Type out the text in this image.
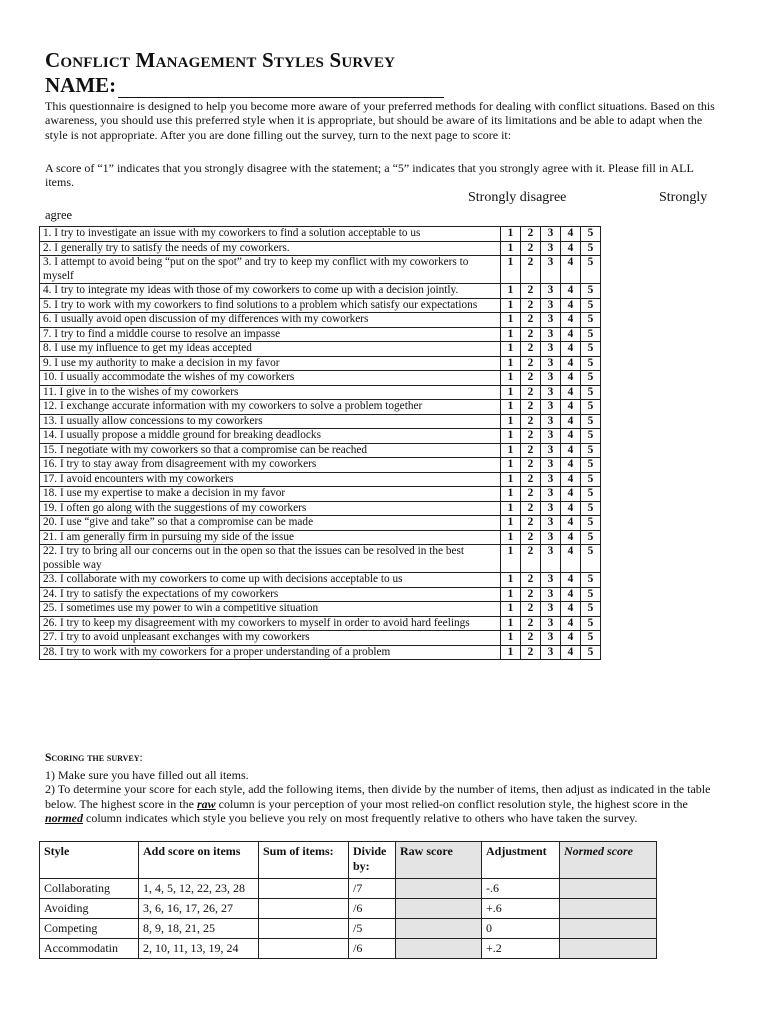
Conflict Management Styles Survey
NAME:
This questionnaire is designed to help you become more aware of your preferred methods for dealing with conflict situations. Based on this awareness, you should use this preferred style when it is appropriate, but should be aware of its limitations and be able to adapt when the style is not appropriate. After you are done filling out the survey, turn to the next page to score it:
A score of “1” indicates that you strongly disagree with the statement; a “5” indicates that you strongly agree with it. Please fill in ALL items.
Strongly disagree	Strongly
agree
1. I try to investigate an issue with my coworkers to find a solution acceptable to us	1	2	3	4	5
2. I generally try to satisfy the needs of my coworkers.	1	2	3	4	5
3. I attempt to avoid being “put on the spot” and try to keep my conflict with my coworkers to myself	1	2	3	4	5
4. I try to integrate my ideas with those of my coworkers to come up with a decision jointly.	1	2	3	4	5
5. I try to work with my coworkers to find solutions to a problem which satisfy our expectations	1	2	3	4	5
6. I usually avoid open discussion of my differences with my coworkers	1	2	3	4	5
7. I try to find a middle course to resolve an impasse	1	2	3	4	5
8. I use my influence to get my ideas accepted	1	2	3	4	5
9. I use my authority to make a decision in my favor	1	2	3	4	5
10. I usually accommodate the wishes of my coworkers	1	2	3	4	5
11. I give in to the wishes of my coworkers	1	2	3	4	5
12. I exchange accurate information with my coworkers to solve a problem together	1	2	3	4	5
13. I usually allow concessions to my coworkers	1	2	3	4	5
14. I usually propose a middle ground for breaking deadlocks	1	2	3	4	5
15. I negotiate with my coworkers so that a compromise can be reached	1	2	3	4	5
16. I try to stay away from disagreement with my coworkers	1	2	3	4	5
17. I avoid encounters with my coworkers	1	2	3	4	5
18. I use my expertise to make a decision in my favor	1	2	3	4	5
19. I often go along with the suggestions of my coworkers	1	2	3	4	5
20. I use “give and take” so that a compromise can be made	1	2	3	4	5
21. I am generally firm in pursuing my side of the issue	1	2	3	4	5
22. I try to bring all our concerns out in the open so that the issues can be resolved in the best possible way	1	2	3	4	5
23. I collaborate with my coworkers to come up with decisions acceptable to us	1	2	3	4	5
24. I try to satisfy the expectations of my coworkers	1	2	3	4	5
25. I sometimes use my power to win a competitive situation	1	2	3	4	5
26. I try to keep my disagreement with my coworkers to myself in order to avoid hard feelings	1	2	3	4	5
27. I try to avoid unpleasant exchanges with my coworkers	1	2	3	4	5
28. I try to work with my coworkers for a proper understanding of a problem	1	2	3	4	5
Scoring the survey:
1) Make sure you have filled out all items.
2) To determine your score for each style, add the following items, then divide by the number of items, then adjust as indicated in the table below. The highest score in the raw column is your perception of your most relied-on conflict resolution style, the highest score in the normed column indicates which style you believe you rely on most frequently relative to others who have taken the survey.
Style	Add score on items	Sum of items:	Divide by:	Raw score	Adjustment	Normed score
Collaborating	1, 4, 5, 12, 22, 23, 28		/7		-.6	
Avoiding	3, 6, 16, 17, 26, 27		/6		+.6	
Competing	8, 9, 18, 21, 25		/5		0	
Accommodatin	2, 10, 11, 13, 19, 24		/6		+.2	
